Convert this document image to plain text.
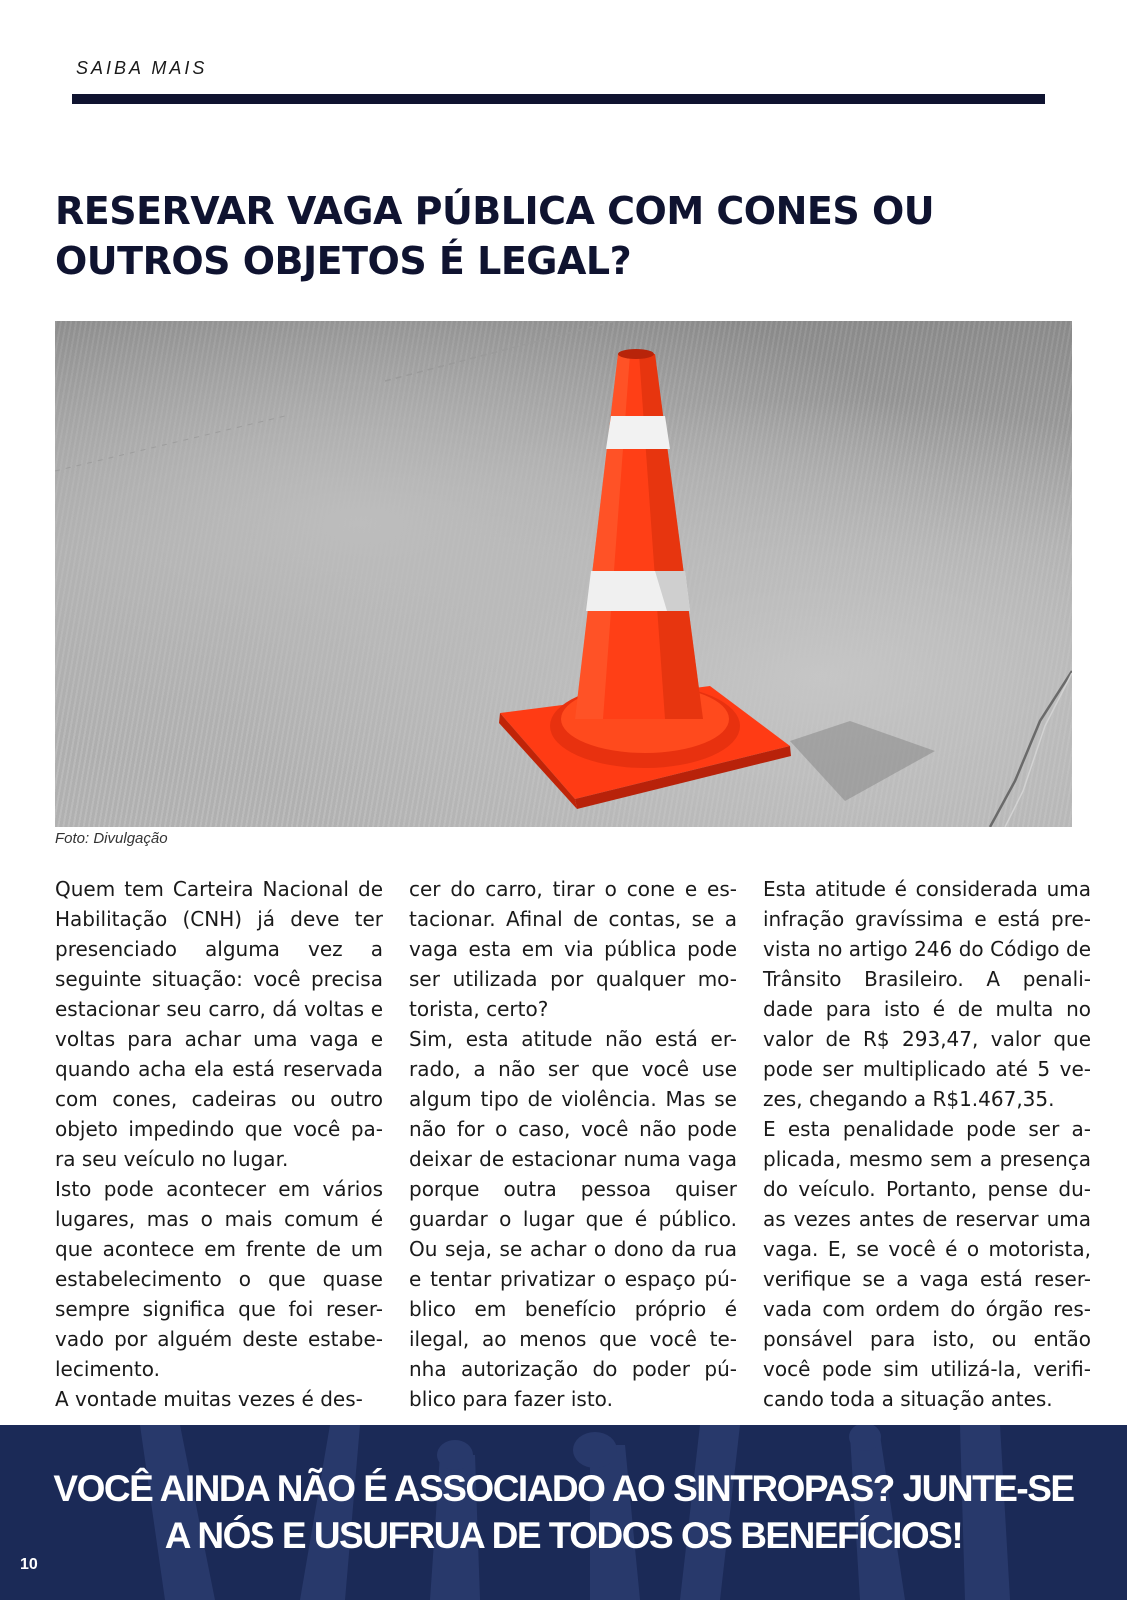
SAIBA MAIS
RESERVAR VAGA PÚBLICA COM CONES OU
OUTROS OBJETOS É LEGAL?
Foto: Divulgação

Quem tem Carteira Nacional de Habilitação (CNH) já deve ter presenciado alguma vez a seguinte situação: você precisa estacionar seu carro, dá voltas e voltas para achar uma vaga e quando acha ela está reservada com cones, cadeiras ou outro objeto impedindo que você pa-ra seu veículo no lugar.

Isto pode acontecer em vários lugares, mas o mais comum é que acontece em frente de um estabelecimento o que quase sempre significa que foi reser-vado por alguém deste estabe-lecimento.

A vontade muitas vezes é des-

cer do carro, tirar o cone e es-tacionar. Afinal de contas, se a vaga esta em via pública pode ser utilizada por qualquer mo-torista, certo?

Sim, esta atitude não está er-rado, a não ser que você use algum tipo de violência. Mas se não for o caso, você não pode deixar de estacionar numa vaga porque outra pessoa quiser guardar o lugar que é público. Ou seja, se achar o dono da rua e tentar privatizar o espaço pú-blico em benefício próprio é ilegal, ao menos que você te-nha autorização do poder pú-blico para fazer isto.

Esta atitude é considerada uma infração gravíssima e está pre-vista no artigo 246 do Código de Trânsito Brasileiro. A penali-dade para isto é de multa no valor de R$ 293,47, valor que pode ser multiplicado até 5 ve-zes, chegando a R$1.467,35.

E esta penalidade pode ser a-plicada, mesmo sem a presença do veículo. Portanto, pense du-as vezes antes de reservar uma vaga. E, se você é o motorista, verifique se a vaga está reser-vada com ordem do órgão res-ponsável para isto, ou então você pode sim utilizá-la, verifi-cando toda a situação antes.

VOCÊ AINDA NÃO É ASSOCIADO AO SINTROPAS? JUNTE-SE
A NÓS E USUFRUA DE TODOS OS BENEFÍCIOS!
10
